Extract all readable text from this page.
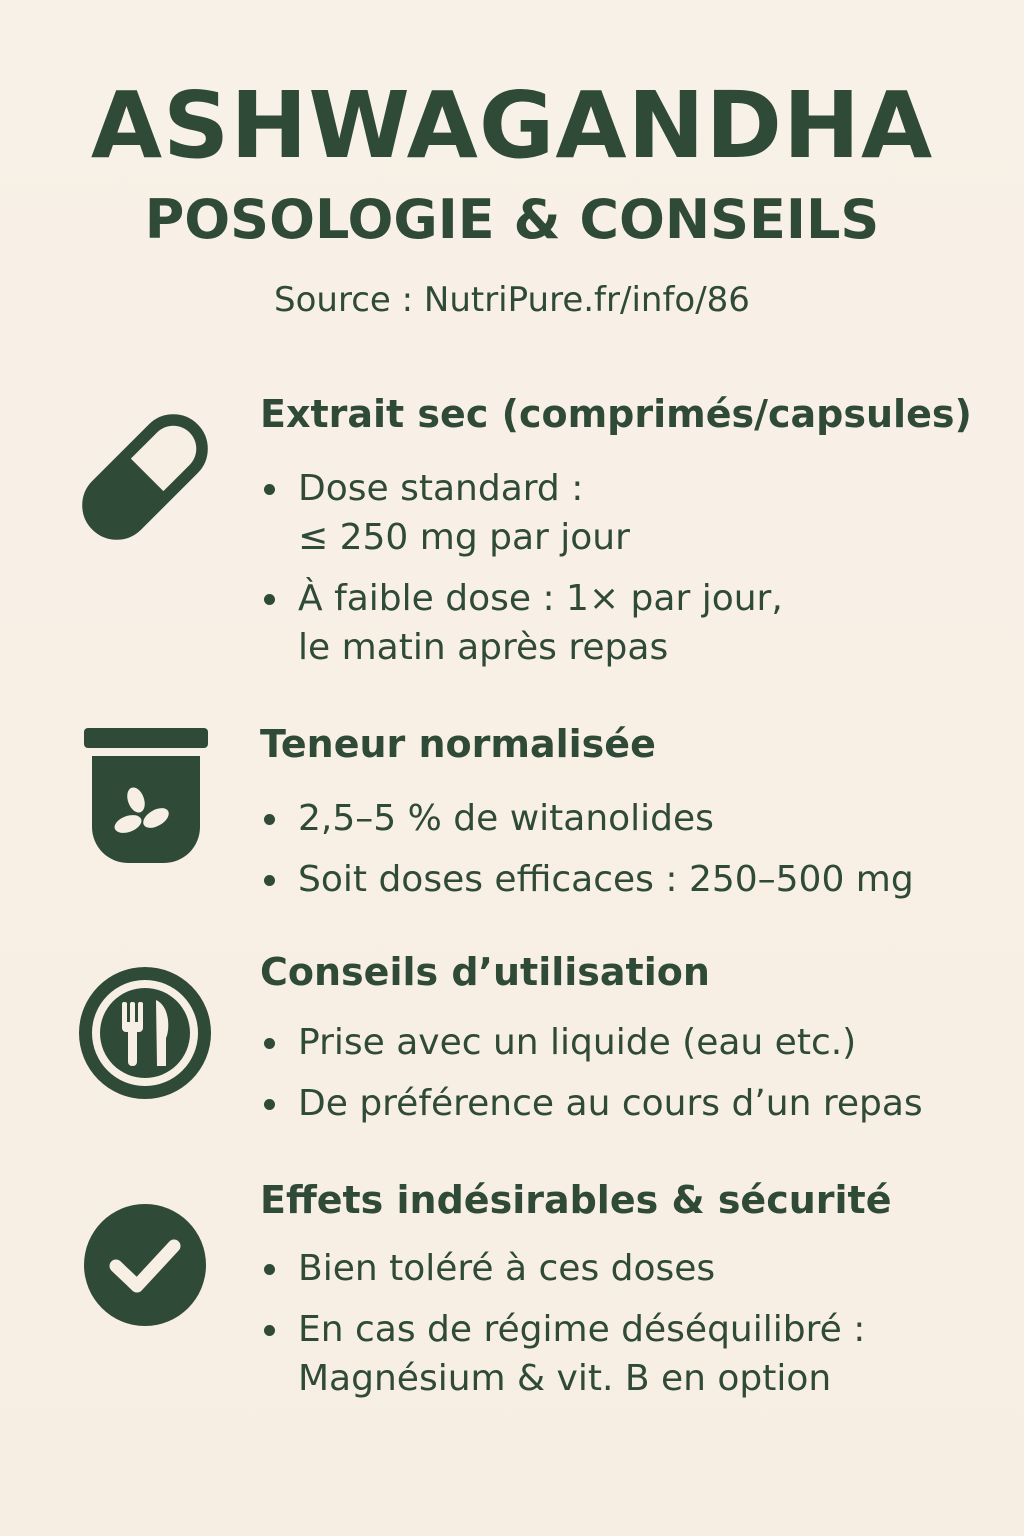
ASHWAGANDHA
POSOLOGIE & CONSEILS
Source : NutriPure.fr/info/86
Extrait sec (comprimés/capsules)
Dose standard :
≤ 250 mg par jour
À faible dose : 1× par jour,
le matin après repas
Teneur normalisée
2,5–5 % de witanolides
Soit doses efficaces : 250–500 mg
Conseils d’utilisation
Prise avec un liquide (eau etc.)
De préférence au cours d’un repas
Effets indésirables & sécurité
Bien toléré à ces doses
En cas de régime déséquilibré :
Magnésium & vit. B en option
